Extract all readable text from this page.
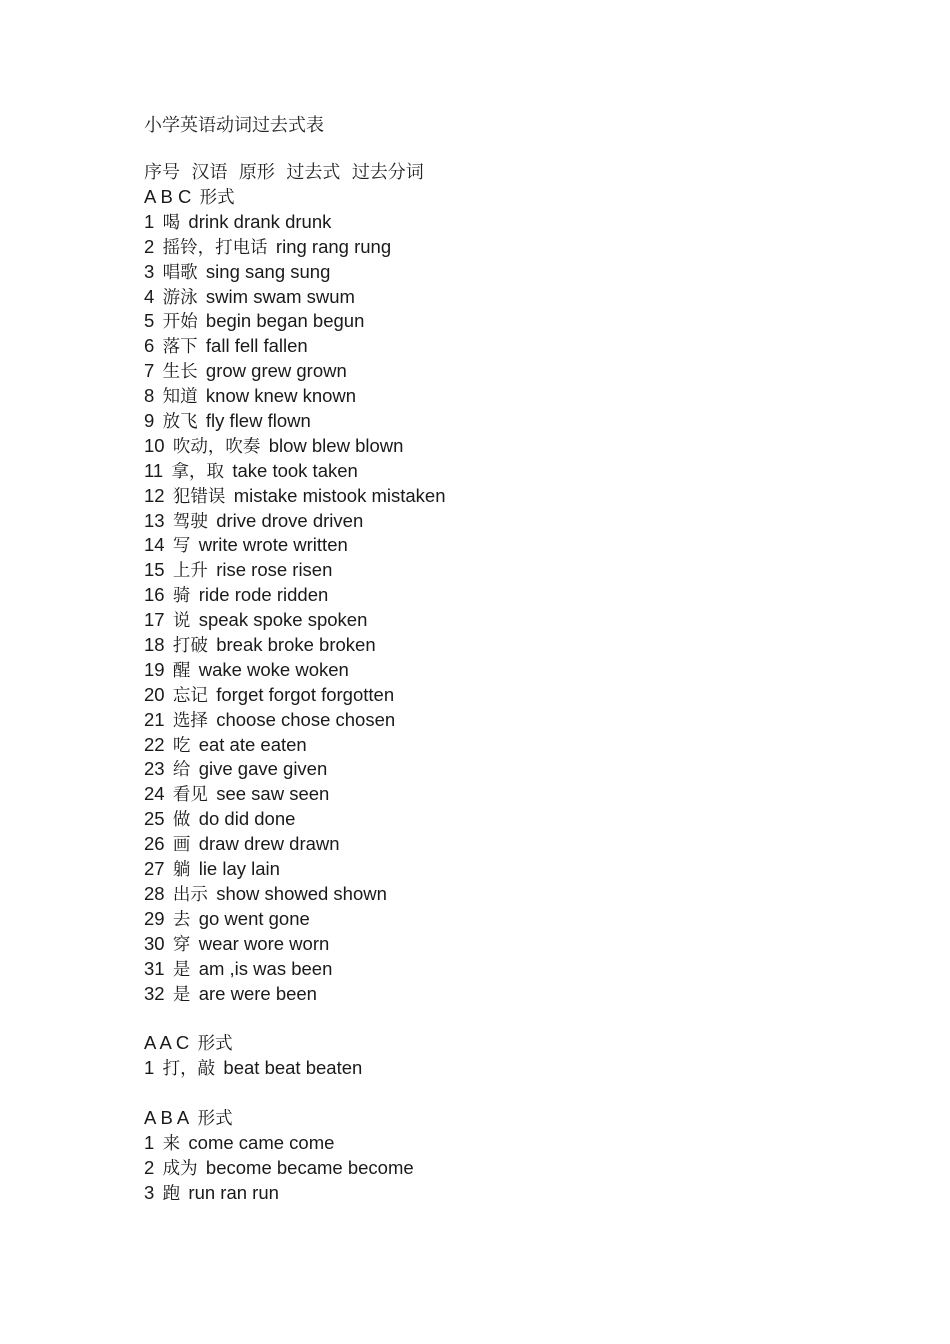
小学英语动词过去式表
序号 汉语 原形 过去式 过去分词
A B C 形式
1 喝 drink drank drunk
2 摇铃，打电话 ring rang rung
3 唱歌 sing sang sung
4 游泳 swim swam swum
5 开始 begin began begun
6 落下 fall fell fallen
7 生长 grow grew grown
8 知道 know knew known
9 放飞 fly flew flown
10 吹动，吹奏 blow blew blown
11 拿，取 take took taken
12 犯错误 mistake mistook mistaken
13 驾驶 drive drove driven
14 写 write wrote written
15 上升 rise rose risen
16 骑 ride rode ridden
17 说 speak spoke spoken
18 打破 break broke broken
19 醒 wake woke woken
20 忘记 forget forgot forgotten
21 选择 choose chose chosen
22 吃 eat ate eaten
23 给 give gave given
24 看见 see saw seen
25 做 do did done
26 画 draw drew drawn
27 躺 lie lay lain
28 出示 show showed shown
29 去 go went gone
30 穿 wear wore worn
31 是 am ,is was been
32 是 are were been
A A C 形式
1 打，敲 beat beat beaten
A B A 形式
1 来 come came come
2 成为 become became become
3 跑 run ran run
